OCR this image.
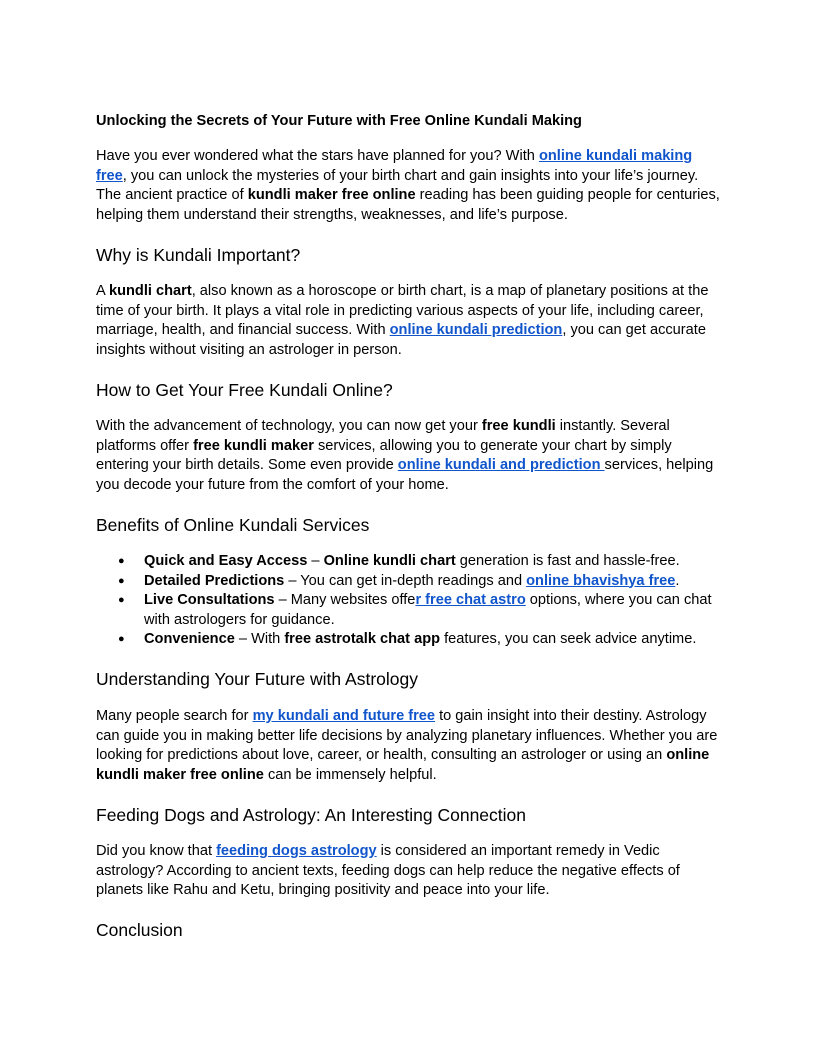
Unlocking the Secrets of Your Future with Free Online Kundali Making

Have you ever wondered what the stars have planned for you? With online kundali making free, you can unlock the mysteries of your birth chart and gain insights into your life’s journey. The ancient practice of kundli maker free online reading has been guiding people for centuries, helping them understand their strengths, weaknesses, and life’s purpose.

Why is Kundali Important?

A kundli chart, also known as a horoscope or birth chart, is a map of planetary positions at the time of your birth. It plays a vital role in predicting various aspects of your life, including career, marriage, health, and financial success. With online kundali prediction, you can get accurate insights without visiting an astrologer in person.

How to Get Your Free Kundali Online?

With the advancement of technology, you can now get your free kundli instantly. Several platforms offer free kundli maker services, allowing you to generate your chart by simply entering your birth details. Some even provide online kundali and prediction services, helping you decode your future from the comfort of your home.

Benefits of Online Kundali Services
● Quick and Easy Access – Online kundli chart generation is fast and hassle-free.
● Detailed Predictions – You can get in-depth readings and online bhavishya free.
● Live Consultations – Many websites offer free chat astro options, where you can chat with astrologers for guidance.
● Convenience – With free astrotalk chat app features, you can seek advice anytime.
Understanding Your Future with Astrology

Many people search for my kundali and future free to gain insight into their destiny. Astrology can guide you in making better life decisions by analyzing planetary influences. Whether you are looking for predictions about love, career, or health, consulting an astrologer or using an online kundli maker free online can be immensely helpful.

Feeding Dogs and Astrology: An Interesting Connection

Did you know that feeding dogs astrology is considered an important remedy in Vedic astrology? According to ancient texts, feeding dogs can help reduce the negative effects of planets like Rahu and Ketu, bringing positivity and peace into your life.

Conclusion
